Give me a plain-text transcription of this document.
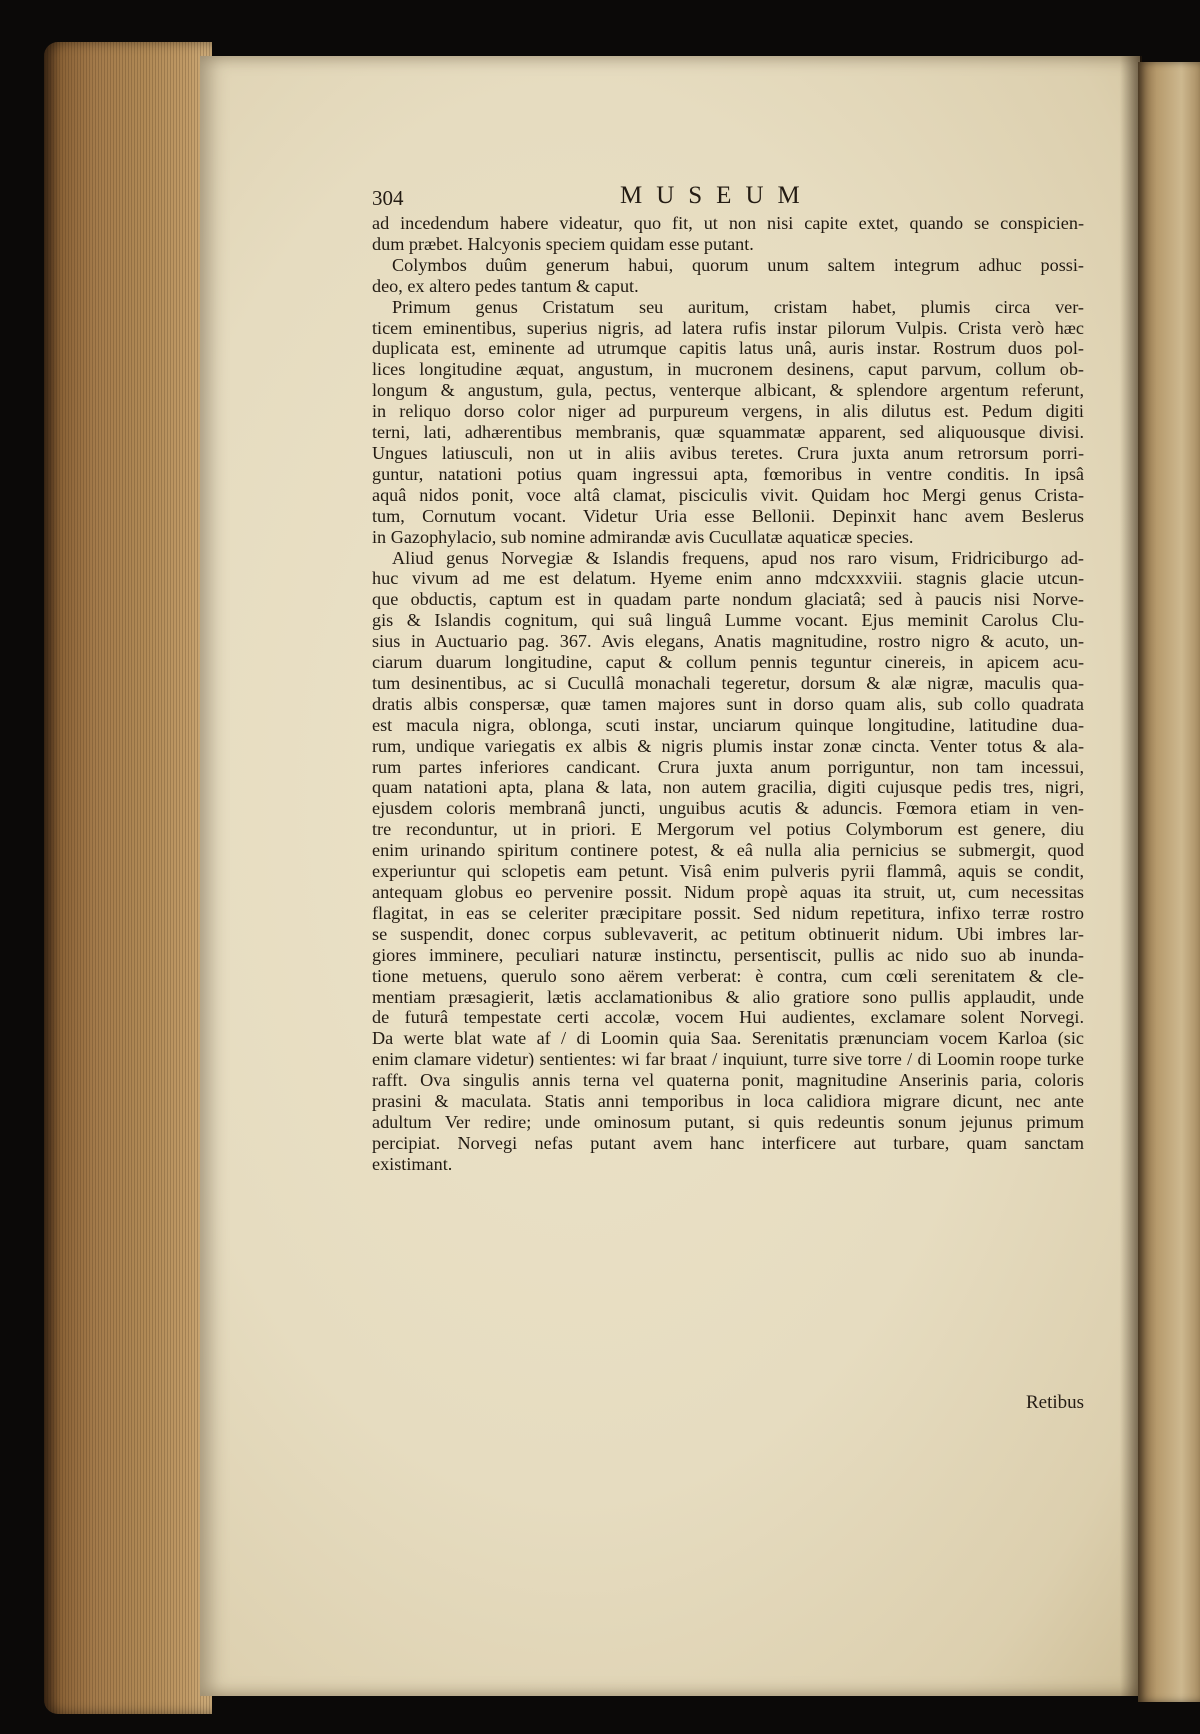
304	MUSEUM
ad incedendum habere videatur, quo fit, ut non nisi capite extet, quando se conspicien-
dum præbet. Halcyonis speciem quidam esse putant.
Colymbos duûm generum habui, quorum unum saltem integrum adhuc possi-
deo, ex altero pedes tantum & caput.
Primum genus Cristatum seu auritum, cristam habet, plumis circa ver-
ticem eminentibus, superius nigris, ad latera rufis instar pilorum Vulpis. Crista verò hæc
duplicata est, eminente ad utrumque capitis latus unâ, auris instar. Rostrum duos pol-
lices longitudine æquat, angustum, in mucronem desinens, caput parvum, collum ob-
longum & angustum, gula, pectus, venterque albicant, & splendore argentum referunt,
in reliquo dorso color niger ad purpureum vergens, in alis dilutus est. Pedum digiti
terni, lati, adhærentibus membranis, quæ squammatæ apparent, sed aliquousque divisi.
Ungues latiusculi, non ut in aliis avibus teretes. Crura juxta anum retrorsum porri-
guntur, natationi potius quam ingressui apta, fœmoribus in ventre conditis. In ipsâ
aquâ nidos ponit, voce altâ clamat, pisciculis vivit. Quidam hoc Mergi genus Crista-
tum, Cornutum vocant. Videtur Uria esse Bellonii. Depinxit hanc avem Beslerus
in Gazophylacio, sub nomine admirandæ avis Cucullatæ aquaticæ species.
Aliud genus Norvegiæ & Islandis frequens, apud nos raro visum, Fridriciburgo ad-
huc vivum ad me est delatum. Hyeme enim anno mdcxxxviii. stagnis glacie utcun-
que obductis, captum est in quadam parte nondum glaciatâ; sed à paucis nisi Norve-
gis & Islandis cognitum, qui suâ linguâ Lumme vocant. Ejus meminit Carolus Clu-
sius in Auctuario pag. 367. Avis elegans, Anatis magnitudine, rostro nigro & acuto, un-
ciarum duarum longitudine, caput & collum pennis teguntur cinereis, in apicem acu-
tum desinentibus, ac si Cucullâ monachali tegeretur, dorsum & alæ nigræ, maculis qua-
dratis albis conspersæ, quæ tamen majores sunt in dorso quam alis, sub collo quadrata
est macula nigra, oblonga, scuti instar, unciarum quinque longitudine, latitudine dua-
rum, undique variegatis ex albis & nigris plumis instar zonæ cincta. Venter totus & ala-
rum partes inferiores candicant. Crura juxta anum porriguntur, non tam incessui,
quam natationi apta, plana & lata, non autem gracilia, digiti cujusque pedis tres, nigri,
ejusdem coloris membranâ juncti, unguibus acutis & aduncis. Fœmora etiam in ven-
tre reconduntur, ut in priori. E Mergorum vel potius Colymborum est genere, diu
enim urinando spiritum continere potest, & eâ nulla alia pernicius se submergit, quod
experiuntur qui sclopetis eam petunt. Visâ enim pulveris pyrii flammâ, aquis se condit,
antequam globus eo pervenire possit. Nidum propè aquas ita struit, ut, cum necessitas
flagitat, in eas se celeriter præcipitare possit. Sed nidum repetitura, infixo terræ rostro
se suspendit, donec corpus sublevaverit, ac petitum obtinuerit nidum. Ubi imbres lar-
giores imminere, peculiari naturæ instinctu, persentiscit, pullis ac nido suo ab inunda-
tione metuens, querulo sono aërem verberat: è contra, cum cœli serenitatem & cle-
mentiam præsagierit, lætis acclamationibus & alio gratiore sono pullis applaudit, unde
de futurâ tempestate certi accolæ, vocem Hui audientes, exclamare solent Norvegi.
Da werte blat wate af / di Loomin quia Saa. Serenitatis prænunciam vocem Karloa (sic
enim clamare videtur) sentientes: wi far braat / inquiunt, turre sive torre / di Loomin roope turke
rafft. Ova singulis annis terna vel quaterna ponit, magnitudine Anserinis paria, coloris
prasini & maculata. Statis anni temporibus in loca calidiora migrare dicunt, nec ante
adultum Ver redire; unde ominosum putant, si quis redeuntis sonum jejunus primum
percipiat. Norvegi nefas putant avem hanc interficere aut turbare, quam sanctam
existimant.
Retibus
